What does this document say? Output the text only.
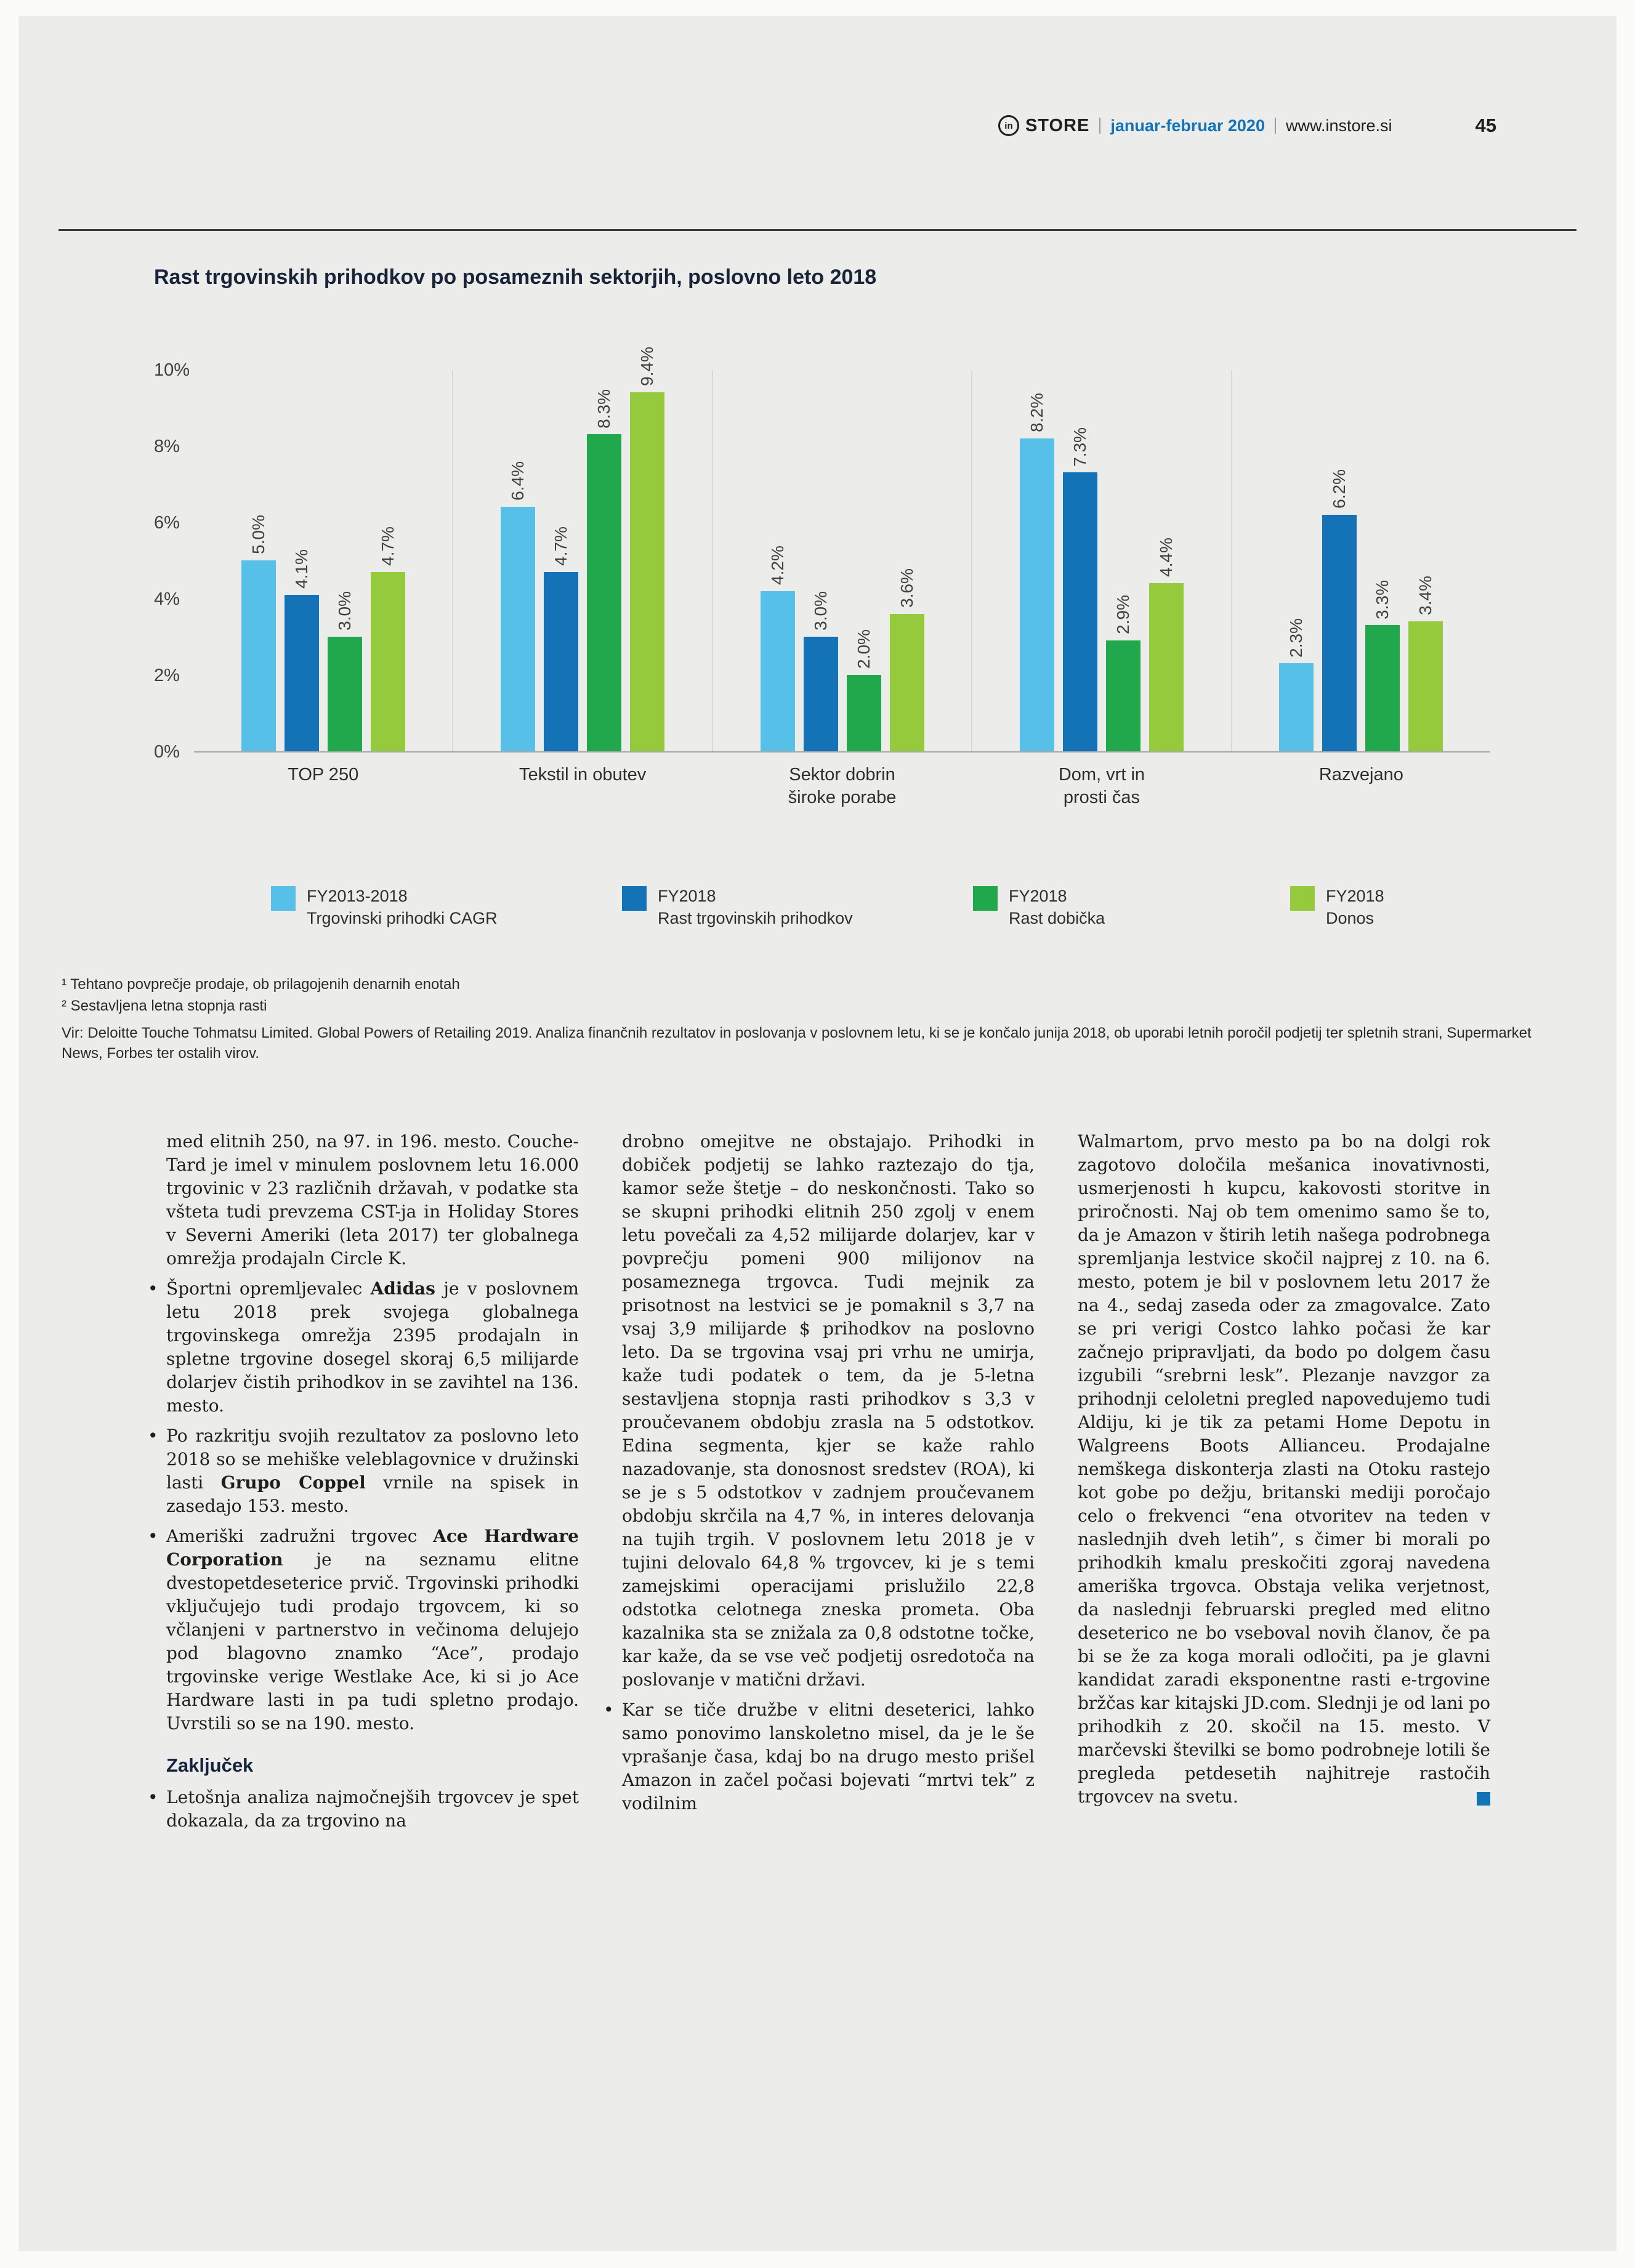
in STORE januar-februar 2020 www.instore.si	45
Rast trgovinskih prihodkov po posameznih sektorjih, poslovno leto 2018
10%
8%
6%
4%
2%
0%
5.0%
4.1%
3.0%
4.7%
TOP 250
6.4%
4.7%
8.3%
9.4%
Tekstil in obutev
4.2%
3.0%
2.0%
3.6%
Sektor dobrin
široke porabe
8.2%
7.3%
2.9%
4.4%
Dom, vrt in
prosti čas
2.3%
6.2%
3.3% 3.4%
Razvejano
FY2013-2018
Trgovinski prihodki CAGR
FY2018
Rast trgovinskih prihodkov
FY2018
Rast dobička
FY2018
Donos

¹ Tehtano povprečje prodaje, ob prilagojenih denarnih enotah

² Sestavljena letna stopnja rasti

Vir: Deloitte Touche Tohmatsu Limited. Global Powers of Retailing 2019. Analiza finančnih rezultatov in poslovanja v poslovnem letu, ki se je končalo junija 2018, ob uporabi letnih poročil podjetij ter spletnih strani, Supermarket News, Forbes ter ostalih virov.

med elitnih 250, na 97. in 196. mesto. Couche-Tard je imel v minulem poslovnem letu 16.000 trgovinic v 23 različnih državah, v podatke sta všteta tudi prevzema CST-ja in Holiday Stores v Severni Ameriki (leta 2017) ter globalnega omrežja prodajaln Circle K.

• Športni opremljevalec Adidas je v poslovnem letu 2018 prek svojega globalnega trgovinskega omrežja 2395 prodajaln in spletne trgovine dosegel skoraj 6,5 milijarde dolarjev čistih prihodkov in se zavihtel na 136. mesto.

• Po razkritju svojih rezultatov za poslovno leto 2018 so se mehiške veleblagovnice v družinski lasti Grupo Coppel vrnile na spisek in zasedajo 153. mesto.

• Ameriški zadružni trgovec Ace Hardware Corporation je na seznamu elitne dvestopetdeseterice prvič. Trgovinski prihodki vključujejo tudi prodajo trgovcem, ki so včlanjeni v partnerstvo in večinoma delujejo pod blagovno znamko “Ace”, prodajo trgovinske verige Westlake Ace, ki si jo Ace Hardware lasti in pa tudi spletno prodajo. Uvrstili so se na 190. mesto.

Zaključek

• Letošnja analiza najmočnejših trgovcev je spet dokazala, da za trgovino na

drobno omejitve ne obstajajo. Prihodki in dobiček podjetij se lahko raztezajo do tja, kamor seže štetje – do neskončnosti. Tako so se skupni prihodki elitnih 250 zgolj v enem letu povečali za 4,52 milijarde dolarjev, kar v povprečju pomeni 900 milijonov na posameznega trgovca. Tudi mejnik za prisotnost na lestvici se je pomaknil s 3,7 na vsaj 3,9 milijarde $ prihodkov na poslovno leto. Da se trgovina vsaj pri vrhu ne umirja, kaže tudi podatek o tem, da je 5-letna sestavljena stopnja rasti prihodkov s 3,3 v proučevanem obdobju zrasla na 5 odstotkov. Edina segmenta, kjer se kaže rahlo nazadovanje, sta donosnost sredstev (ROA), ki se je s 5 odstotkov v zadnjem proučevanem obdobju skrčila na 4,7 %, in interes delovanja na tujih trgih. V poslovnem letu 2018 je v tujini delovalo 64,8 % trgovcev, ki je s temi zamejskimi operacijami prislužilo 22,8 odstotka celotnega zneska prometa. Oba kazalnika sta se znižala za 0,8 odstotne točke, kar kaže, da se vse več podjetij osredotoča na poslovanje v matični državi.

• Kar se tiče družbe v elitni deseterici, lahko samo ponovimo lanskoletno misel, da je le še vprašanje časa, kdaj bo na drugo mesto prišel Amazon in začel počasi bojevati “mrtvi tek” z vodilnim

Walmartom, prvo mesto pa bo na dolgi rok zagotovo določila mešanica inovativnosti, usmerjenosti h kupcu, kakovosti storitve in priročnosti. Naj ob tem omenimo samo še to, da je Amazon v štirih letih našega podrobnega spremljanja lestvice skočil najprej z 10. na 6. mesto, potem je bil v poslovnem letu 2017 že na 4., sedaj zaseda oder za zmagovalce. Zato se pri verigi Costco lahko počasi že kar začnejo pripravljati, da bodo po dolgem času izgubili “srebrni lesk”. Plezanje navzgor za prihodnji celoletni pregled napovedujemo tudi Aldiju, ki je tik za petami Home Depotu in Walgreens Boots Allianceu. Prodajalne nemškega diskonterja zlasti na Otoku rastejo kot gobe po dežju, britanski mediji poročajo celo o frekvenci “ena otvoritev na teden v naslednjih dveh letih”, s čimer bi morali po prihodkih kmalu preskočiti zgoraj navedena ameriška trgovca. Obstaja velika verjetnost, da naslednji februarski pregled med elitno deseterico ne bo vseboval novih članov, če pa bi se že za koga morali odločiti, pa je glavni kandidat zaradi eksponentne rasti e-trgovine bržčas kar kitajski JD.com. Slednji je od lani po prihodkih z 20. skočil na 15. mesto. V marčevski številki se bomo podrobneje lotili še pregleda petdesetih najhitreje rastočih trgovcev na svetu.
